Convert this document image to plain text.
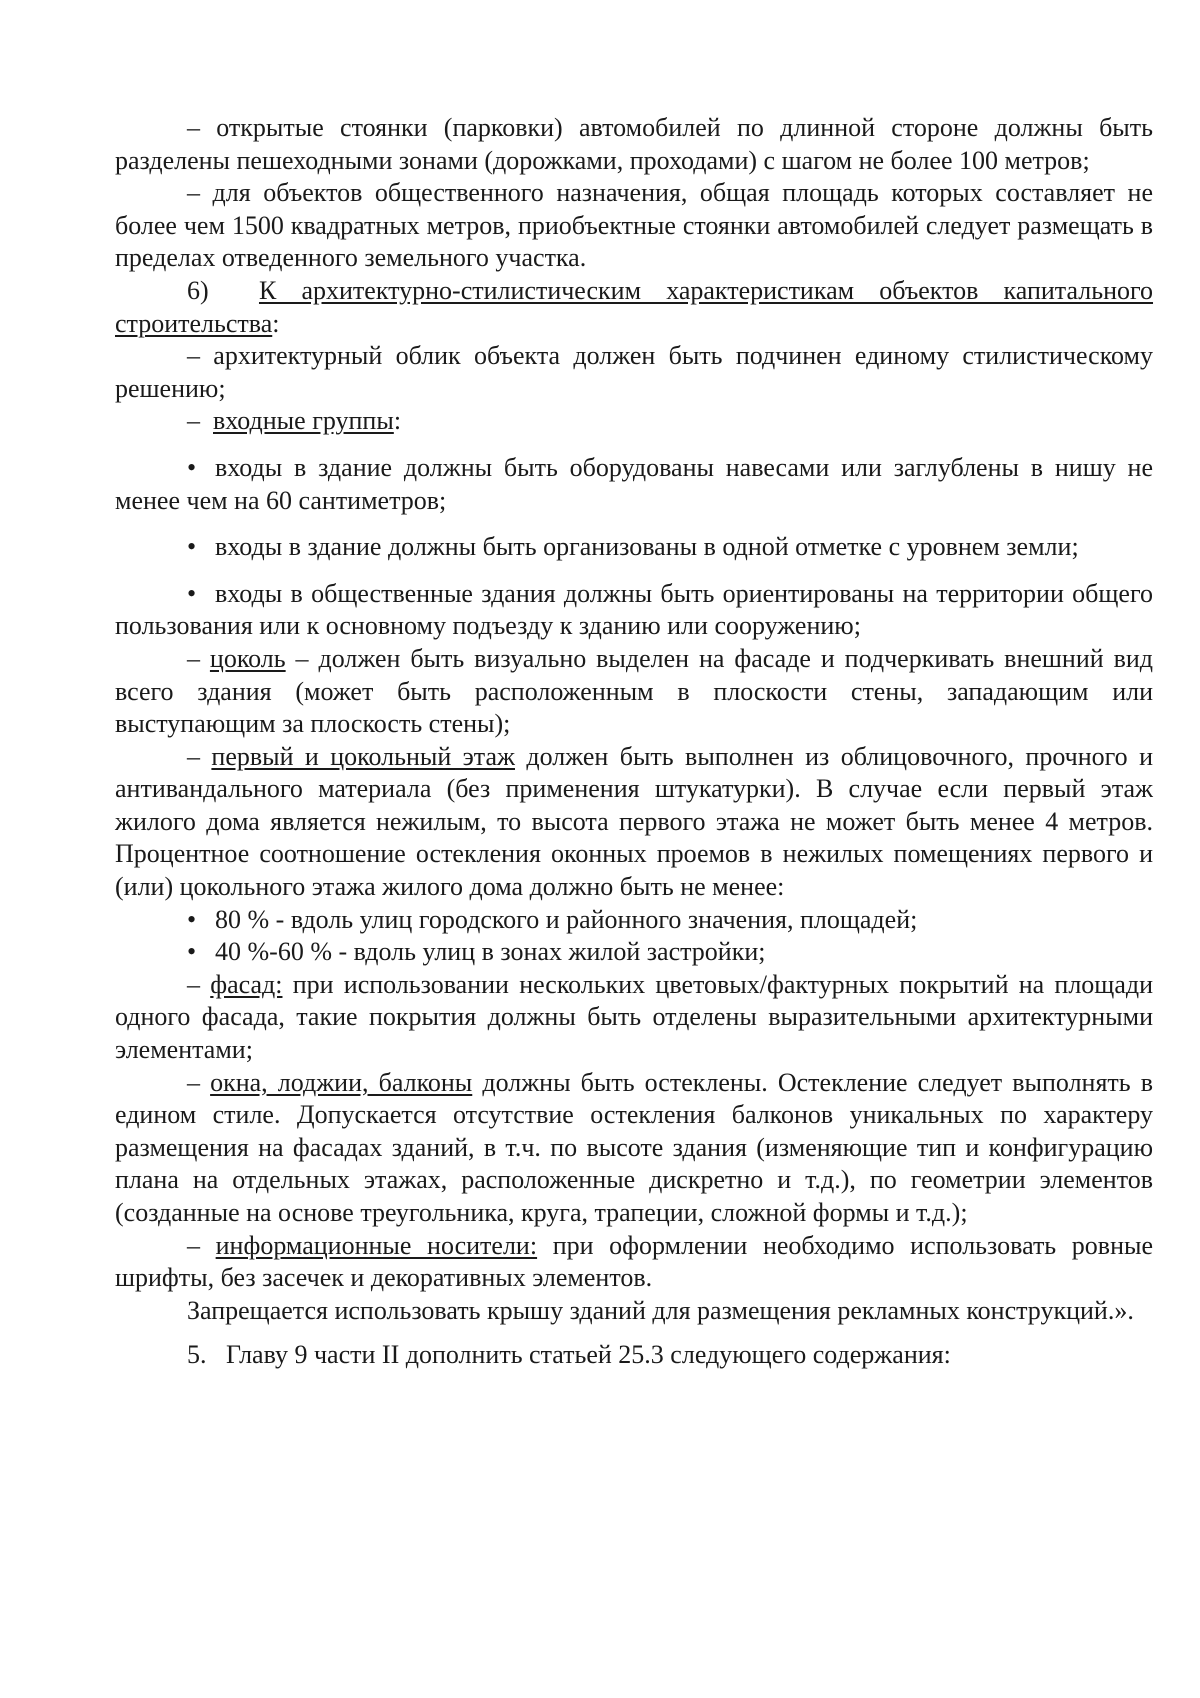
– открытые стоянки (парковки) автомобилей по длинной стороне должны быть разделены пешеходными зонами (дорожками, проходами) с шагом не более 100 метров;

– для объектов общественного назначения, общая площадь которых составляет не более чем 1500 квадратных метров, приобъектные стоянки автомобилей следует размещать в пределах отведенного земельного участка.

6) К архитектурно-стилистическим характеристикам объектов капитального строительства:

– архитектурный облик объекта должен быть подчинен единому стилистическому решению;

– входные группы:

• входы в здание должны быть оборудованы навесами или заглублены в нишу не менее чем на 60 сантиметров;

• входы в здание должны быть организованы в одной отметке с уровнем земли;

• входы в общественные здания должны быть ориентированы на территории общего пользования или к основному подъезду к зданию или сооружению;

– цоколь – должен быть визуально выделен на фасаде и подчеркивать внешний вид всего здания (может быть расположенным в плоскости стены, западающим или выступающим за плоскость стены);

– первый и цокольный этаж должен быть выполнен из облицовочного, прочного и антивандального материала (без применения штукатурки). В случае если первый этаж жилого дома является нежилым, то высота первого этажа не может быть менее 4 метров. Процентное соотношение остекления оконных проемов в нежилых помещениях первого и (или) цокольного этажа жилого дома должно быть не менее:

• 80 % - вдоль улиц городского и районного значения, площадей;

• 40 %-60 % - вдоль улиц в зонах жилой застройки;

– фасад: при использовании нескольких цветовых/фактурных покрытий на площади одного фасада, такие покрытия должны быть отделены выразительными архитектурными элементами;

– окна, лоджии, балконы должны быть остеклены. Остекление следует выполнять в едином стиле. Допускается отсутствие остекления балконов уникальных по характеру размещения на фасадах зданий, в т.ч. по высоте здания (изменяющие тип и конфигурацию плана на отдельных этажах, расположенные дискретно и т.д.), по геометрии элементов (созданные на основе треугольника, круга, трапеции, сложной формы и т.д.);

– информационные носители: при оформлении необходимо использовать ровные шрифты, без засечек и декоративных элементов.

Запрещается использовать крышу зданий для размещения рекламных конструкций.».

5. Главу 9 части II дополнить статьей 25.3 следующего содержания:
